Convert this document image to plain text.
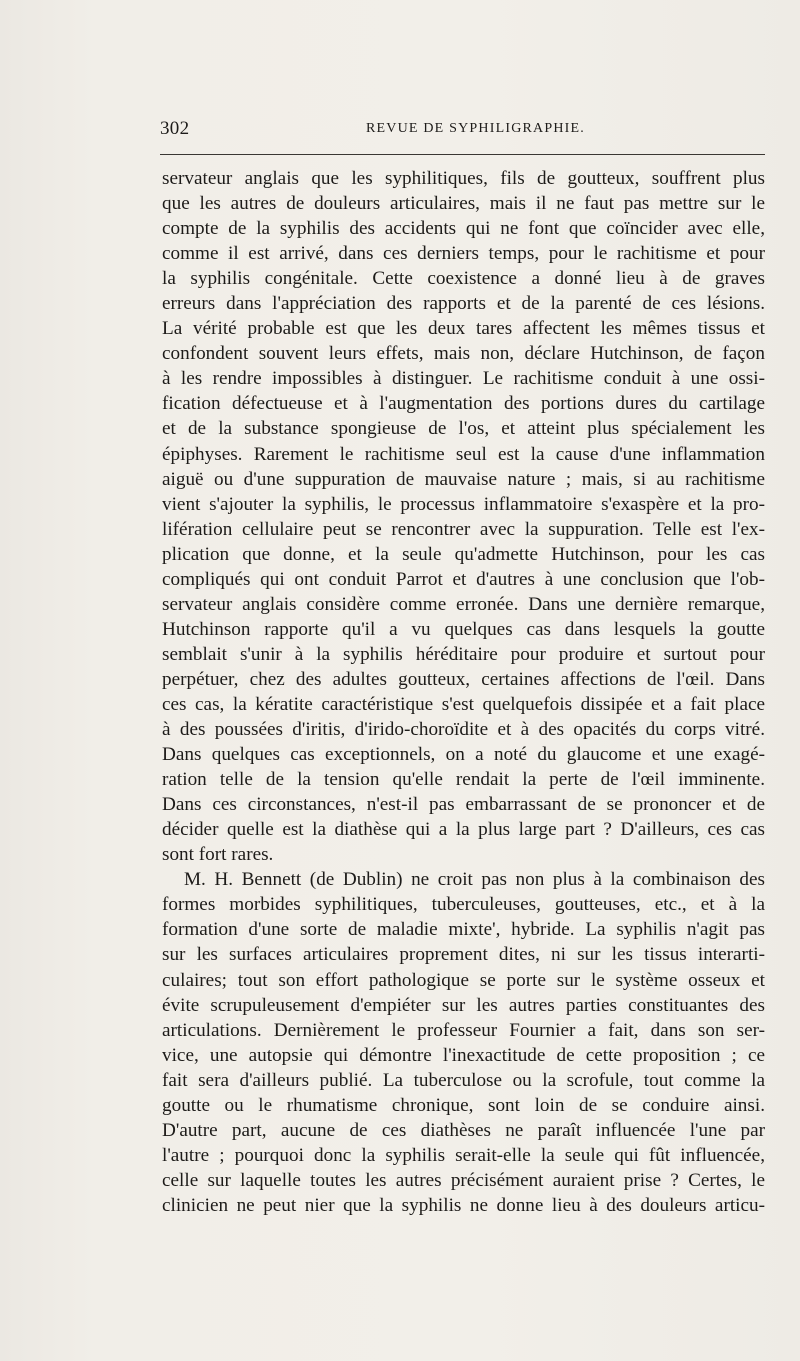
302	REVUE DE SYPHILIGRAPHIE.
servateur anglais que les syphilitiques, fils de goutteux, souffrent plus
que les autres de douleurs articulaires, mais il ne faut pas mettre sur le
compte de la syphilis des accidents qui ne font que coïncider avec elle,
comme il est arrivé, dans ces derniers temps, pour le rachitisme et pour
la syphilis congénitale. Cette coexistence a donné lieu à de graves
erreurs dans l'appréciation des rapports et de la parenté de ces lésions.
La vérité probable est que les deux tares affectent les mêmes tissus et
confondent souvent leurs effets, mais non, déclare Hutchinson, de façon
à les rendre impossibles à distinguer. Le rachitisme conduit à une ossi-
fication défectueuse et à l'augmentation des portions dures du cartilage
et de la substance spongieuse de l'os, et atteint plus spécialement les
épiphyses. Rarement le rachitisme seul est la cause d'une inflammation
aiguë ou d'une suppuration de mauvaise nature ; mais, si au rachitisme
vient s'ajouter la syphilis, le processus inflammatoire s'exaspère et la pro-
lifération cellulaire peut se rencontrer avec la suppuration. Telle est l'ex-
plication que donne, et la seule qu'admette Hutchinson, pour les cas
compliqués qui ont conduit Parrot et d'autres à une conclusion que l'ob-
servateur anglais considère comme erronée. Dans une dernière remarque,
Hutchinson rapporte qu'il a vu quelques cas dans lesquels la goutte
semblait s'unir à la syphilis héréditaire pour produire et surtout pour
perpétuer, chez des adultes goutteux, certaines affections de l'œil. Dans
ces cas, la kératite caractéristique s'est quelquefois dissipée et a fait place
à des poussées d'iritis, d'irido-choroïdite et à des opacités du corps vitré.
Dans quelques cas exceptionnels, on a noté du glaucome et une exagé-
ration telle de la tension qu'elle rendait la perte de l'œil imminente.
Dans ces circonstances, n'est-il pas embarrassant de se prononcer et de
décider quelle est la diathèse qui a la plus large part ? D'ailleurs, ces cas
sont fort rares.
M. H. Bennett (de Dublin) ne croit pas non plus à la combinaison des
formes morbides syphilitiques, tuberculeuses, goutteuses, etc., et à la
formation d'une sorte de maladie mixte', hybride. La syphilis n'agit pas
sur les surfaces articulaires proprement dites, ni sur les tissus interarti-
culaires; tout son effort pathologique se porte sur le système osseux et
évite scrupuleusement d'empiéter sur les autres parties constituantes des
articulations. Dernièrement le professeur Fournier a fait, dans son ser-
vice, une autopsie qui démontre l'inexactitude de cette proposition ; ce
fait sera d'ailleurs publié. La tuberculose ou la scrofule, tout comme la
goutte ou le rhumatisme chronique, sont loin de se conduire ainsi.
D'autre part, aucune de ces diathèses ne paraît influencée l'une par
l'autre ; pourquoi donc la syphilis serait-elle la seule qui fût influencée,
celle sur laquelle toutes les autres précisément auraient prise ? Certes, le
clinicien ne peut nier que la syphilis ne donne lieu à des douleurs articu-
